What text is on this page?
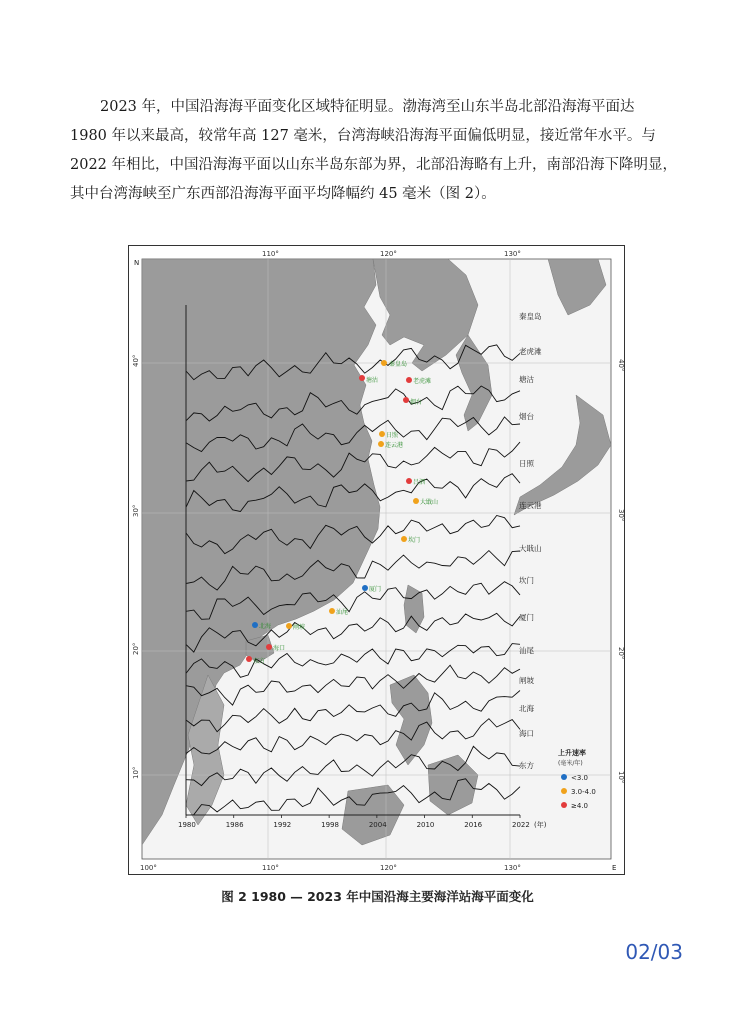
2023 年，中国沿海海平面变化区域特征明显。渤海湾至山东半岛北部沿海海平面达

1980 年以来最高，较常年高 127 毫米，台湾海峡沿海海平面偏低明显，接近常年水平。与

2022 年相比，中国沿海海平面以山东半岛东部为界，北部沿海略有上升，南部沿海下降明显，

其中台湾海峡至广东西部沿海海平面平均降幅约 45 毫米（图 2）。

1980	1986	1992	1998	2004	2010	2016	2022 (年)
N
E
110°	120°	130°
100°	110°	120°	130°
40°
30°
20°
10°
40°
30°
20°
10°
秦皇岛
老虎滩
塘沽
烟台
日照
连云港
大戢山
坎门
厦门
汕尾
闸坡
北海
海口
东方
秦皇岛
塘沽	老虎滩
烟台
日照
连云港
吕泗
大戢山
坎门
厦门
汕尾
北海	闸坡
海口
东方
上升速率
(毫米/年)
<3.0
3.0-4.0
≥4.0
图 2 1980 — 2023 年中国沿海主要海洋站海平面变化
02/03
